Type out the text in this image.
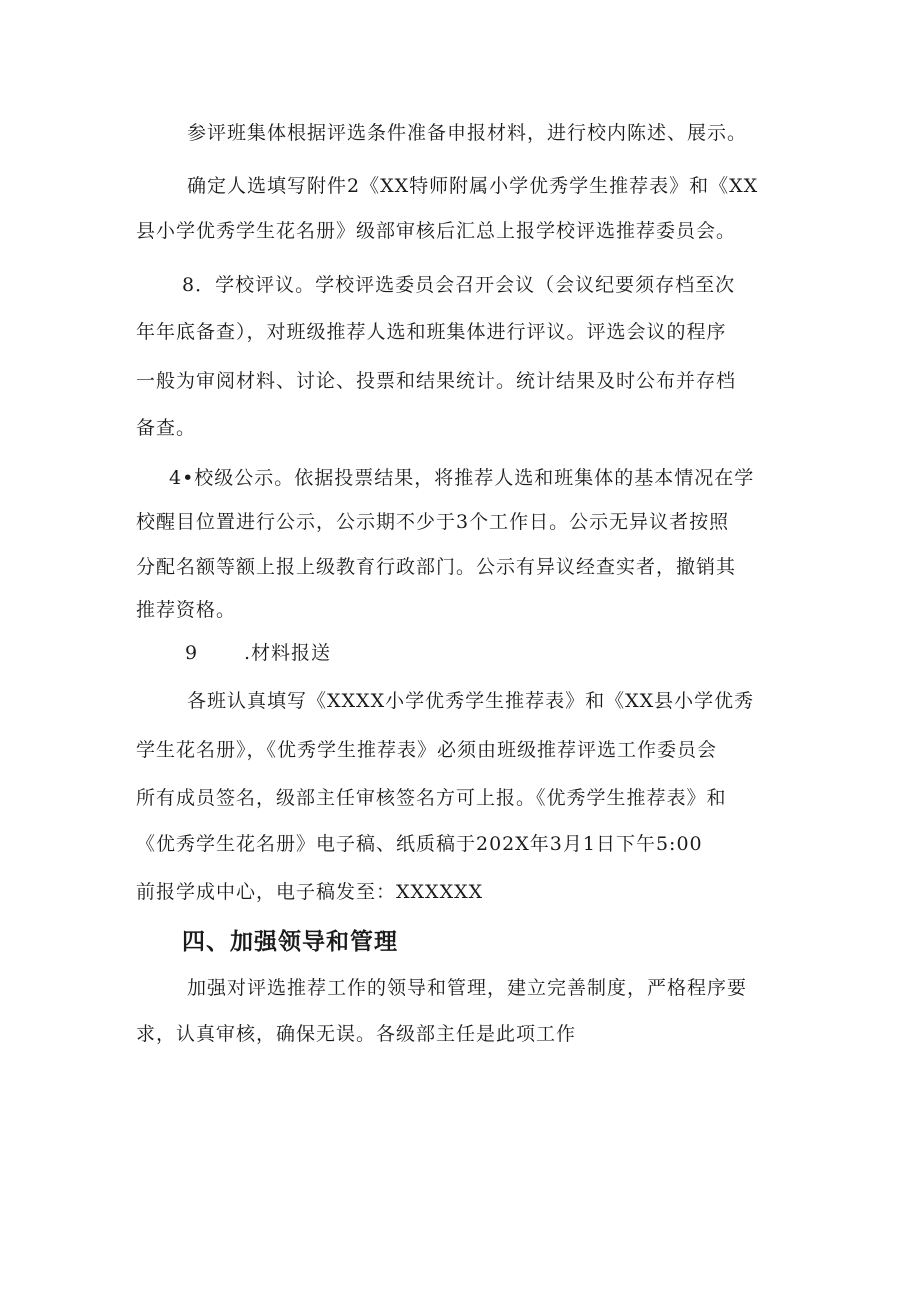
参评班集体根据评选条件准备申报材料，进行校内陈述、展示。
确定人选填写附件2《XX特师附属小学优秀学生推荐表》和《XX
县小学优秀学生花名册》级部审核后汇总上报学校评选推荐委员会。
8．学校评议。学校评选委员会召开会议（会议纪要须存档至次
年年底备查），对班级推荐人选和班集体进行评议。评选会议的程序
一般为审阅材料、讨论、投票和结果统计。统计结果及时公布并存档
备查。
4•校级公示。依据投票结果，将推荐人选和班集体的基本情况在学
校醒目位置进行公示，公示期不少于3个工作日。公示无异议者按照
分配名额等额上报上级教育行政部门。公示有异议经查实者，撤销其
推荐资格。
9 .材料报送
各班认真填写《XXXX小学优秀学生推荐表》和《XX县小学优秀
学生花名册》，《优秀学生推荐表》必须由班级推荐评选工作委员会
所有成员签名，级部主任审核签名方可上报。《优秀学生推荐表》和
《优秀学生花名册》电子稿、纸质稿于202X年3月1日下午5:00
前报学成中心，电子稿发至：XXXXXX
四、加强领导和管理
加强对评选推荐工作的领导和管理，建立完善制度，严格程序要
求，认真审核，确保无误。各级部主任是此项工作
